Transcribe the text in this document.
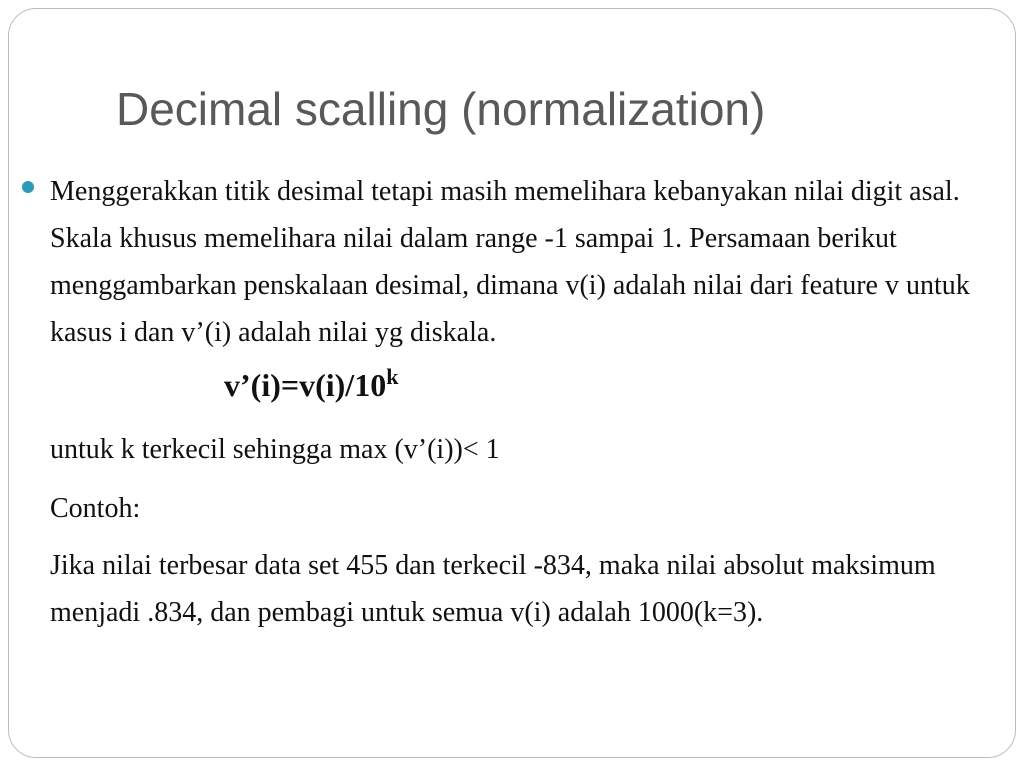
Decimal scalling (normalization)

Menggerakkan titik desimal tetapi masih memelihara kebanyakan nilai digit asal. Skala khusus memelihara nilai dalam range -1 sampai 1. Persamaan berikut menggambarkan penskalaan desimal, dimana v(i) adalah nilai dari feature v untuk kasus i dan v’(i) adalah nilai yg diskala.

$v’(i)=v(i)/10^k$

untuk k terkecil sehingga max (v’(i))< 1

Contoh:

Jika nilai terbesar data set 455 dan terkecil -834, maka nilai absolut maksimum menjadi .834, dan pembagi untuk semua v(i) adalah 1000(k=3).
